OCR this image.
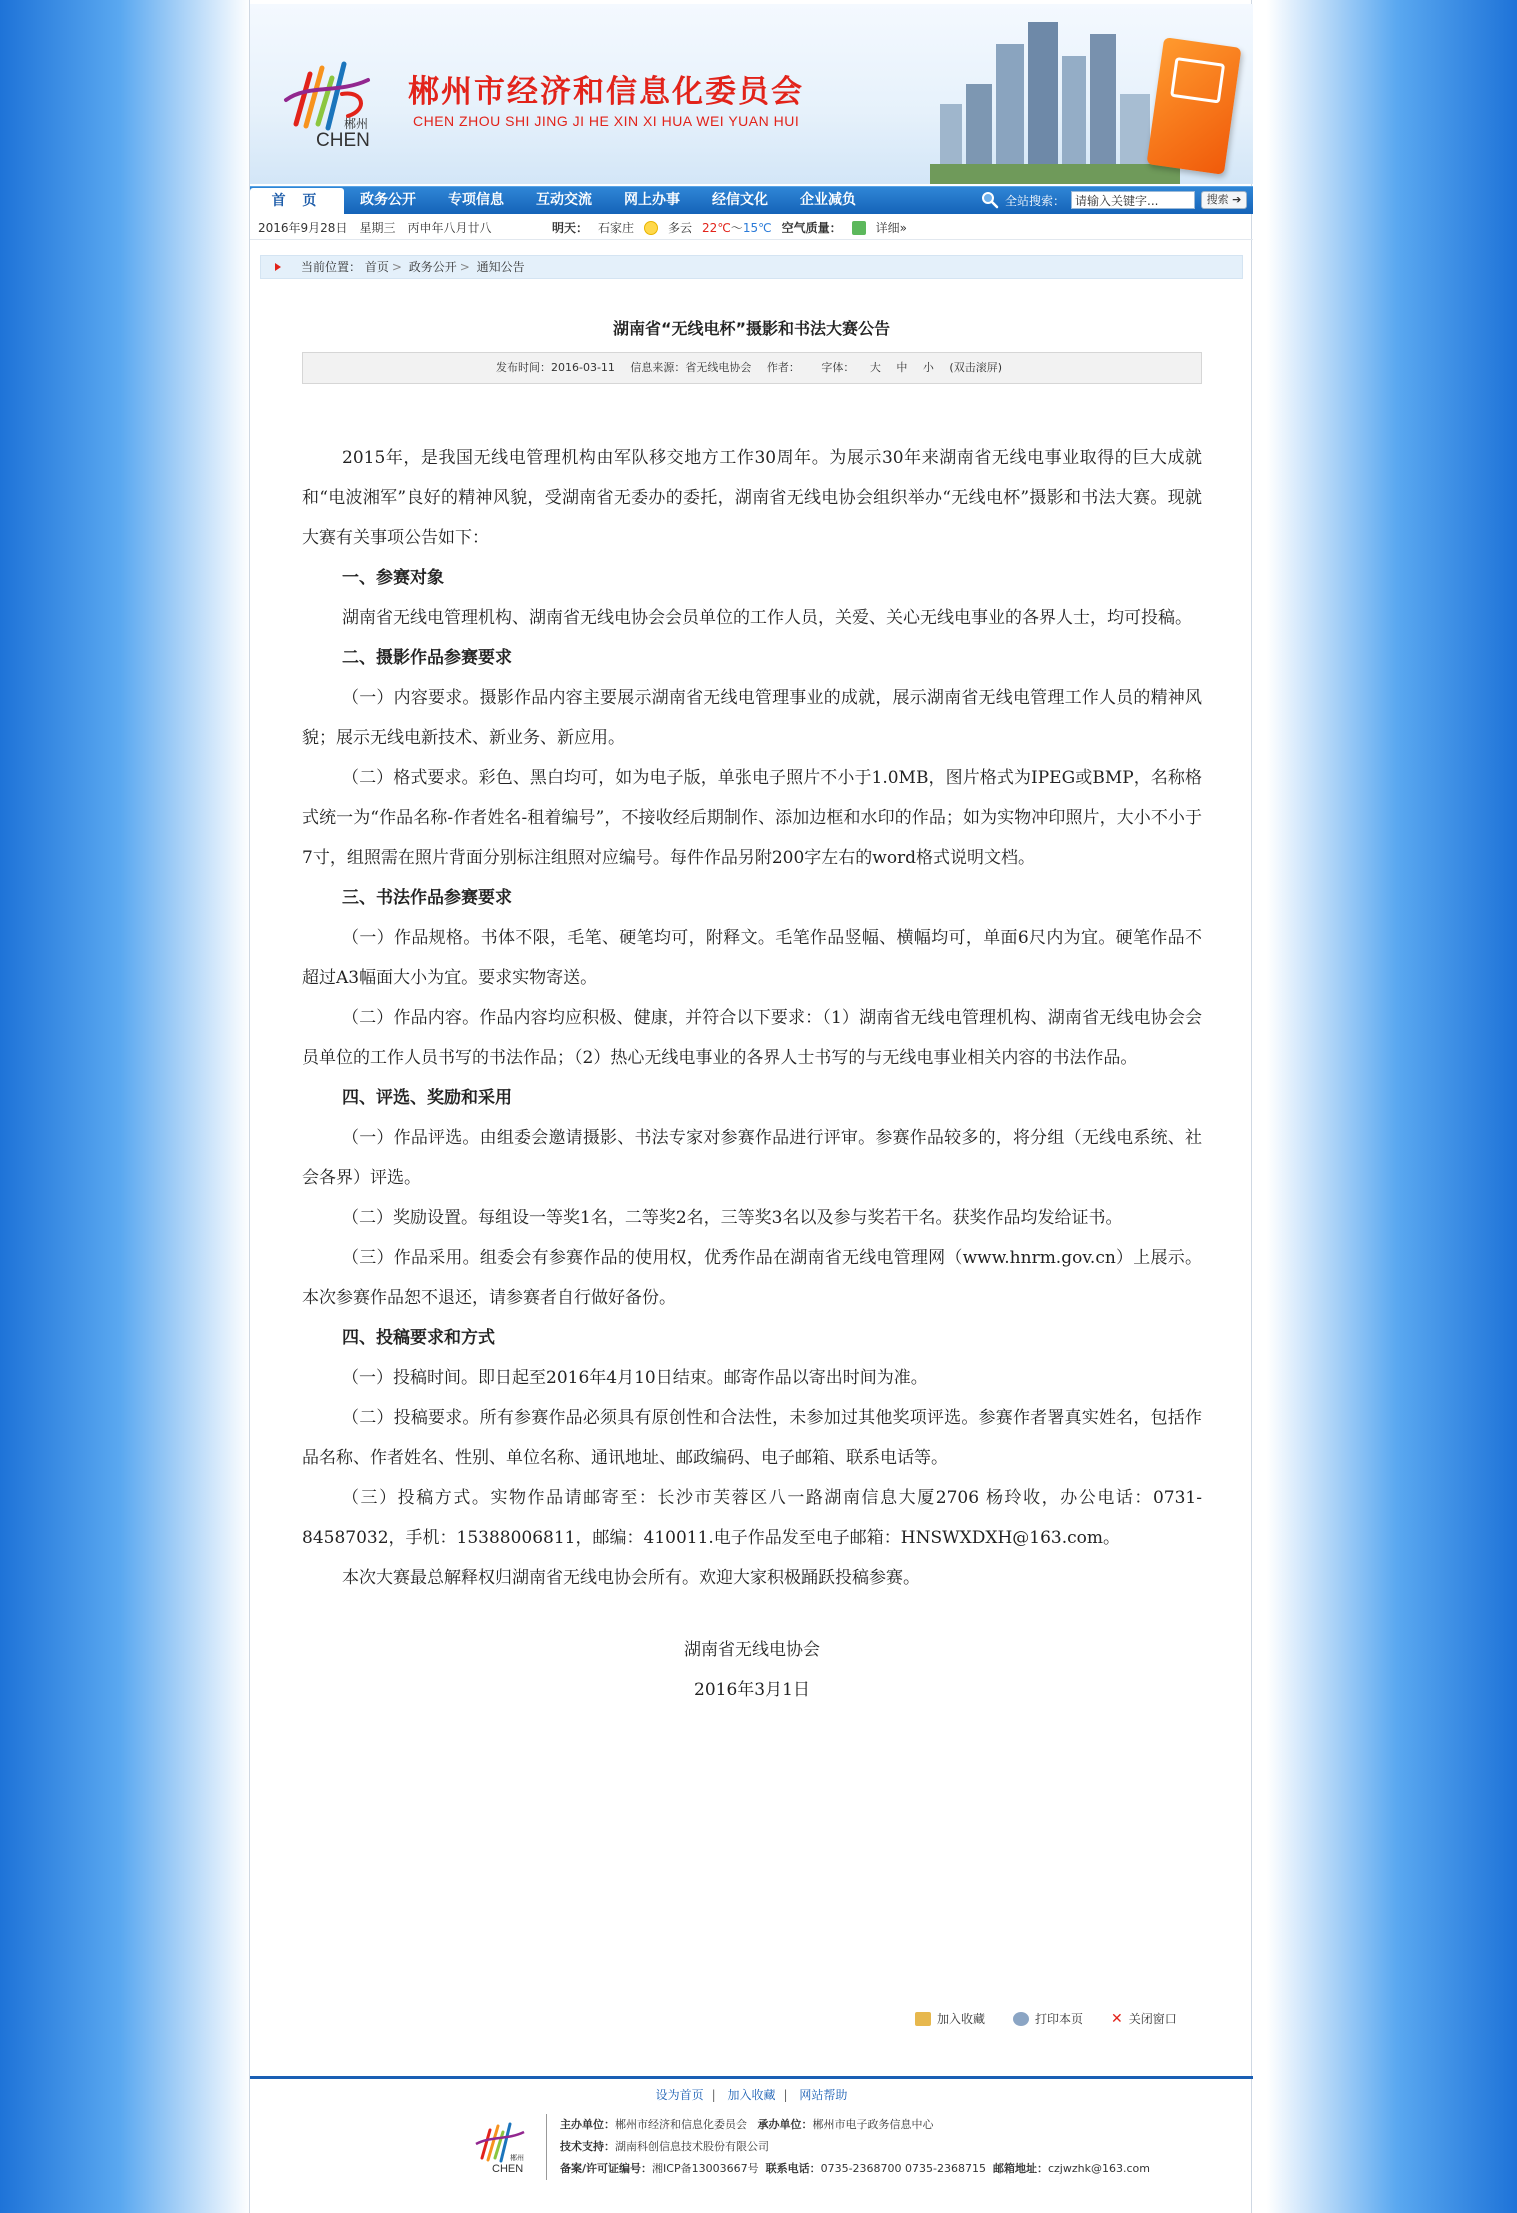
郴州
CHEN
郴州市经济和信息化委员会
CHEN ZHOU SHI JING JI HE XIN XI HUA WEI YUAN HUI
首 页	政务公开	专项信息	互动交流	网上办事	经信文化	企业减负	全站搜索：
请输入关键字...	搜索 ➔
2016年9月28日　星期三　丙申年八月廿八	明天： 石家庄	多云 22℃～15℃ 空气质量：	详细»
当前位置： 首页 > 政务公开 > 通知公告
湖南省“无线电杯”摄影和书法大赛公告
发布时间：2016-03-11 信息来源：省无线电协会 作者： 字体： 大 中 小 (双击滚屏)

2015年，是我国无线电管理机构由军队移交地方工作30周年。为展示30年来湖南省无线电事业取得的巨大成就和“电波湘军”良好的精神风貌，受湖南省无委办的委托，湖南省无线电协会组织举办“无线电杯”摄影和书法大赛。现就大赛有关事项公告如下：

一、参赛对象

湖南省无线电管理机构、湖南省无线电协会会员单位的工作人员，关爱、关心无线电事业的各界人士，均可投稿。

二、摄影作品参赛要求

（一）内容要求。摄影作品内容主要展示湖南省无线电管理事业的成就，展示湖南省无线电管理工作人员的精神风貌；展示无线电新技术、新业务、新应用。

（二）格式要求。彩色、黑白均可，如为电子版，单张电子照片不小于1.0MB，图片格式为IPEG或BMP，名称格式统一为“作品名称-作者姓名-租着编号”，不接收经后期制作、添加边框和水印的作品；如为实物冲印照片，大小不小于7寸，组照需在照片背面分别标注组照对应编号。每件作品另附200字左右的word格式说明文档。

三、书法作品参赛要求

（一）作品规格。书体不限，毛笔、硬笔均可，附释文。毛笔作品竖幅、横幅均可，单面6尺内为宜。硬笔作品不超过A3幅面大小为宜。要求实物寄送。

（二）作品内容。作品内容均应积极、健康，并符合以下要求：（1）湖南省无线电管理机构、湖南省无线电协会会员单位的工作人员书写的书法作品；（2）热心无线电事业的各界人士书写的与无线电事业相关内容的书法作品。

四、评选、奖励和采用

（一）作品评选。由组委会邀请摄影、书法专家对参赛作品进行评审。参赛作品较多的，将分组（无线电系统、社会各界）评选。

（二）奖励设置。每组设一等奖1名，二等奖2名，三等奖3名以及参与奖若干名。获奖作品均发给证书。

（三）作品采用。组委会有参赛作品的使用权，优秀作品在湖南省无线电管理网（www.hnrm.gov.cn）上展示。本次参赛作品恕不退还，请参赛者自行做好备份。

四、投稿要求和方式

（一）投稿时间。即日起至2016年4月10日结束。邮寄作品以寄出时间为准。

（二）投稿要求。所有参赛作品必须具有原创性和合法性，未参加过其他奖项评选。参赛作者署真实姓名，包括作品名称、作者姓名、性别、单位名称、通讯地址、邮政编码、电子邮箱、联系电话等。

（三）投稿方式。实物作品请邮寄至：长沙市芙蓉区八一路湖南信息大厦2706 杨玲收，办公电话：0731-84587032，手机：15388006811，邮编：410011.电子作品发至电子邮箱：HNSWXDXH@163.com。

本次大赛最总解释权归湖南省无线电协会所有。欢迎大家积极踊跃投稿参赛。

湖南省无线电协会

2016年3月1日

加入收藏	打印本页 ✕ 关闭窗口
设为首页 | 加入收藏 | 网站帮助
郴州
CHEN
主办单位：郴州市经济和信息化委员会 承办单位：郴州市电子政务信息中心
技术支持：湖南科创信息技术股份有限公司
备案/许可证编号：湘ICP备13003667号 联系电话：0735-2368700 0735-2368715 邮箱地址：czjwzhk@163.com
